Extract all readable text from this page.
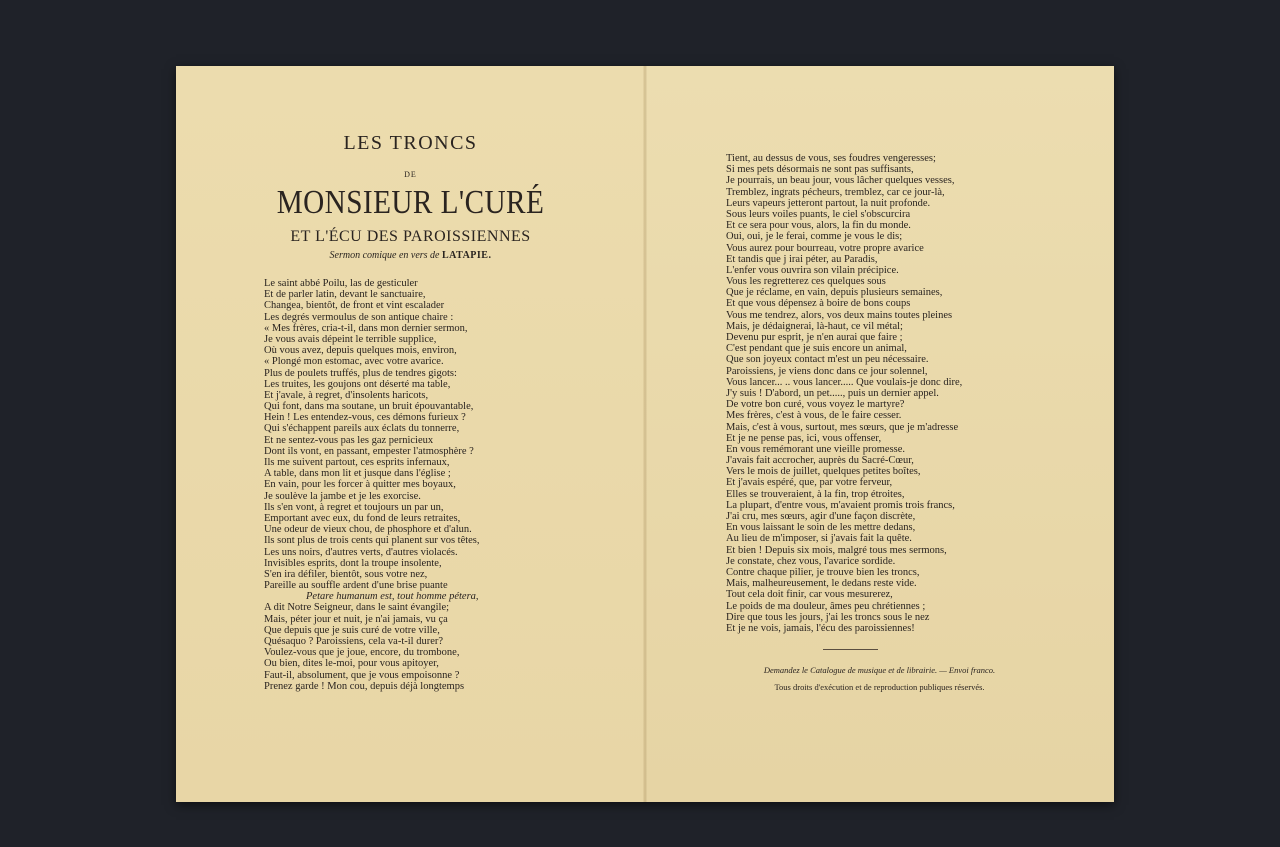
LES TRONCS
DE
MONSIEUR L'CURÉ
ET L'ÉCU DES PAROISSIENNES
Sermon comique en vers de LATAPIE.
Le saint abbé Poilu, las de gesticuler
Et de parler latin, devant le sanctuaire,
Changea, bientôt, de front et vint escalader
Les degrés vermoulus de son antique chaire :
« Mes frères, cria-t-il, dans mon dernier sermon,
Je vous avais dépeint le terrible supplice,
Où vous avez, depuis quelques mois, environ,
« Plongé mon estomac, avec votre avarice.
Plus de poulets truffés, plus de tendres gigots:
Les truites, les goujons ont déserté ma table,
Et j'avale, à regret, d'insolents haricots,
Qui font, dans ma soutane, un bruit épouvantable,
Hein ! Les entendez-vous, ces démons furieux ?
Qui s'échappent pareils aux éclats du tonnerre,
Et ne sentez-vous pas les gaz pernicieux
Dont ils vont, en passant, empester l'atmosphère ?
Ils me suivent partout, ces esprits infernaux,
A table, dans mon lit et jusque dans l'église ;
En vain, pour les forcer à quitter mes boyaux,
Je soulève la jambe et je les exorcise.
Ils s'en vont, à regret et toujours un par un,
Emportant avec eux, du fond de leurs retraites,
Une odeur de vieux chou, de phosphore et d'alun.
Ils sont plus de trois cents qui planent sur vos têtes,
Les uns noirs, d'autres verts, d'autres violacés.
Invisibles esprits, dont la troupe insolente,
S'en ira défiler, bientôt, sous votre nez,
Pareille au souffle ardent d'une brise puante
Petare humanum est, tout homme pétera,
A dit Notre Seigneur, dans le saint évangile;
Mais, péter jour et nuit, je n'ai jamais, vu ça
Que depuis que je suis curé de votre ville,
Quésaquo ? Paroissiens, cela va-t-il durer?
Voulez-vous que je joue, encore, du trombone,
Ou bien, dites le-moi, pour vous apitoyer,
Faut-il, absolument, que je vous empoisonne ?
Prenez garde ! Mon cou, depuis déjà longtemps
Tient, au dessus de vous, ses foudres vengeresses;
Si mes pets désormais ne sont pas suffisants,
Je pourrais, un beau jour, vous lâcher quelques vesses,
Tremblez, ingrats pécheurs, tremblez, car ce jour-là,
Leurs vapeurs jetteront partout, la nuit profonde.
Sous leurs voiles puants, le ciel s'obscurcira
Et ce sera pour vous, alors, la fin du monde.
Oui, oui, je le ferai, comme je vous le dis;
Vous aurez pour bourreau, votre propre avarice
Et tandis que j irai péter, au Paradis,
L'enfer vous ouvrira son vilain précipice.
Vous les regretterez ces quelques sous
Que je réclame, en vain, depuis plusieurs semaines,
Et que vous dépensez à boire de bons coups
Vous me tendrez, alors, vos deux mains toutes pleines
Mais, je dédaignerai, là-haut, ce vil métal;
Devenu pur esprit, je n'en aurai que faire ;
C'est pendant que je suis encore un animal,
Que son joyeux contact m'est un peu nécessaire.
Paroissiens, je viens donc dans ce jour solennel,
Vous lancer... .. vous lancer..... Que voulais-je donc dire,
J'y suis ! D'abord, un pet....., puis un dernier appel.
De votre bon curé, vous voyez le martyre?
Mes frères, c'est à vous, de le faire cesser.
Mais, c'est à vous, surtout, mes sœurs, que je m'adresse
Et je ne pense pas, ici, vous offenser,
En vous remémorant une vieille promesse.
J'avais fait accrocher, auprès du Sacré-Cœur,
Vers le mois de juillet, quelques petites boîtes,
Et j'avais espéré, que, par votre ferveur,
Elles se trouveraient, à la fin, trop étroites,
La plupart, d'entre vous, m'avaient promis trois francs,
J'ai cru, mes sœurs, agir d'une façon discrète,
En vous laissant le soin de les mettre dedans,
Au lieu de m'imposer, si j'avais fait la quête.
Et bien ! Depuis six mois, malgré tous mes sermons,
Je constate, chez vous, l'avarice sordide.
Contre chaque pilier, je trouve bien les troncs,
Mais, malheureusement, le dedans reste vide.
Tout cela doit finir, car vous mesurerez,
Le poids de ma douleur, âmes peu chrétiennes ;
Dire que tous les jours, j'ai les troncs sous le nez
Et je ne vois, jamais, l'écu des paroissiennes!
Demandez le Catalogue de musique et de librairie. — Envoi franco.
Tous droits d'exécution et de reproduction publiques réservés.
